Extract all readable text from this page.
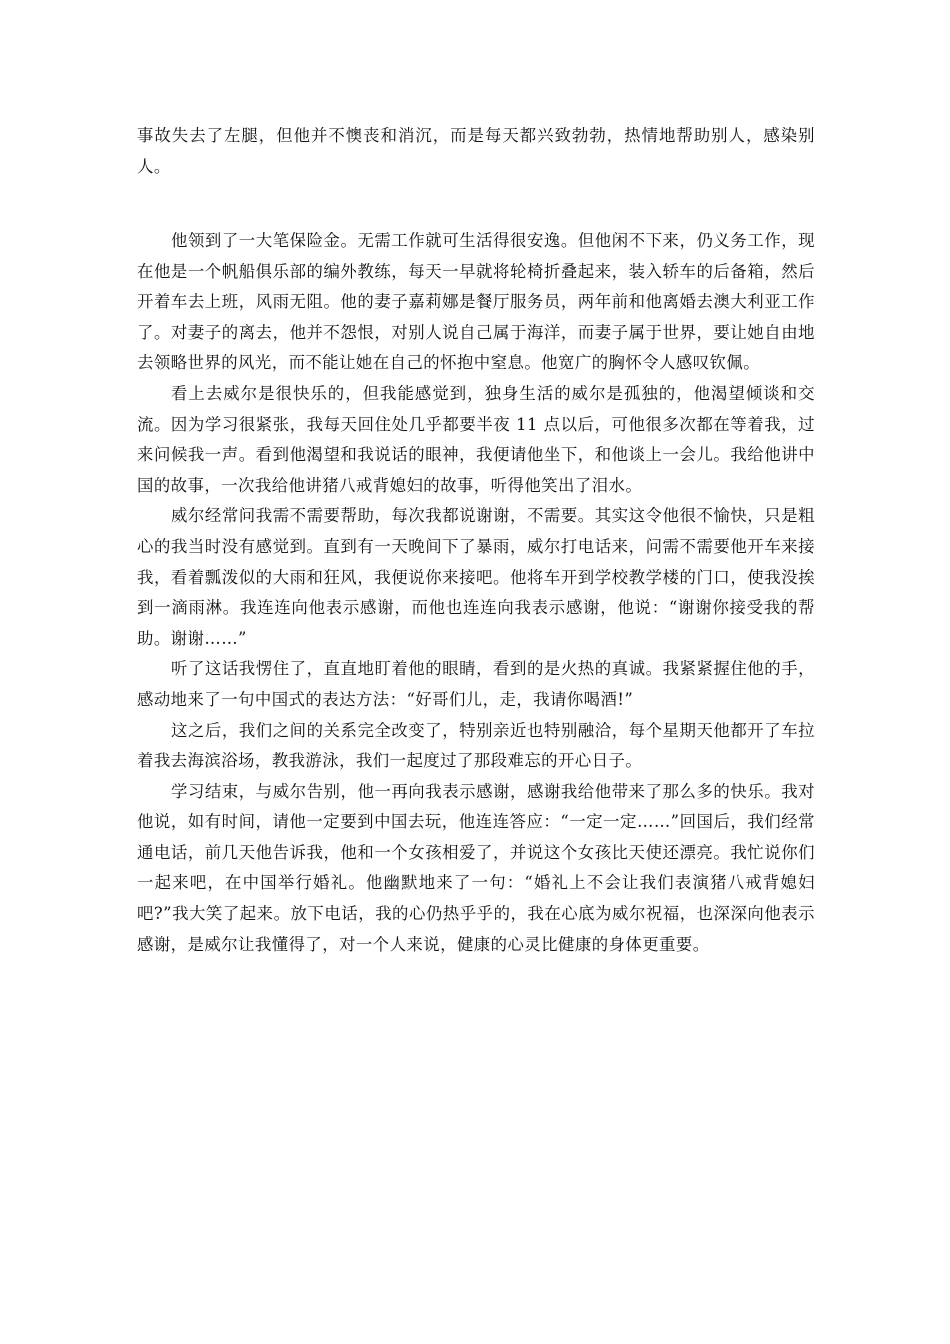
事故失去了左腿，但他并不懊丧和消沉，而是每天都兴致勃勃，热情地帮助别人，感染别人。

他领到了一大笔保险金。无需工作就可生活得很安逸。但他闲不下来，仍义务工作，现在他是一个帆船俱乐部的编外教练，每天一早就将轮椅折叠起来，装入轿车的后备箱，然后开着车去上班，风雨无阻。他的妻子嘉莉娜是餐厅服务员，两年前和他离婚去澳大利亚工作了。对妻子的离去，他并不怨恨，对别人说自己属于海洋，而妻子属于世界，要让她自由地去领略世界的风光，而不能让她在自己的怀抱中窒息。他宽广的胸怀令人感叹钦佩。

看上去威尔是很快乐的，但我能感觉到，独身生活的威尔是孤独的，他渴望倾谈和交流。因为学习很紧张，我每天回住处几乎都要半夜 11 点以后，可他很多次都在等着我，过来问候我一声。看到他渴望和我说话的眼神，我便请他坐下，和他谈上一会儿。我给他讲中国的故事，一次我给他讲猪八戒背媳妇的故事，听得他笑出了泪水。

威尔经常问我需不需要帮助，每次我都说谢谢，不需要。其实这令他很不愉快，只是粗心的我当时没有感觉到。直到有一天晚间下了暴雨，威尔打电话来，问需不需要他开车来接我，看着瓢泼似的大雨和狂风，我便说你来接吧。他将车开到学校教学楼的门口，使我没挨到一滴雨淋。我连连向他表示感谢，而他也连连向我表示感谢，他说：“谢谢你接受我的帮助。谢谢……”

听了这话我愣住了，直直地盯着他的眼睛，看到的是火热的真诚。我紧紧握住他的手，感动地来了一句中国式的表达方法：“好哥们儿，走，我请你喝酒!”

这之后，我们之间的关系完全改变了，特别亲近也特别融洽，每个星期天他都开了车拉着我去海滨浴场，教我游泳，我们一起度过了那段难忘的开心日子。

学习结束，与威尔告别，他一再向我表示感谢，感谢我给他带来了那么多的快乐。我对他说，如有时间，请他一定要到中国去玩，他连连答应：“一定一定……”回国后，我们经常通电话，前几天他告诉我，他和一个女孩相爱了，并说这个女孩比天使还漂亮。我忙说你们一起来吧，在中国举行婚礼。他幽默地来了一句：“婚礼上不会让我们表演猪八戒背媳妇吧?”我大笑了起来。放下电话，我的心仍热乎乎的，我在心底为威尔祝福，也深深向他表示感谢，是威尔让我懂得了，对一个人来说，健康的心灵比健康的身体更重要。
